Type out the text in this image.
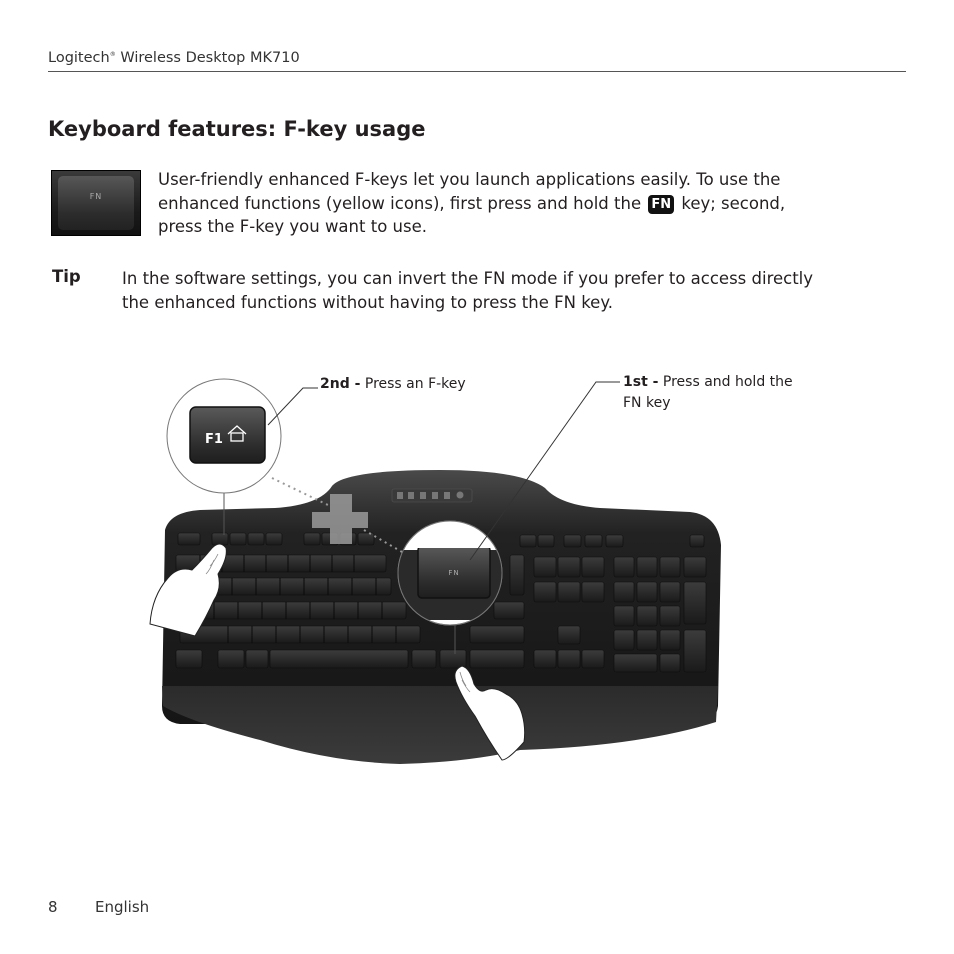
Logitech® Wireless Desktop MK710
Keyboard features: F-key usage
FN
User-friendly enhanced F-keys let you launch applications easily. To use the enhanced functions (yellow icons), first press and hold the FN key; second, press the F-key you want to use.
Tip	In the software settings, you can invert the FN mode if you prefer to access directly the enhanced functions without having to press the FN key.
F1
FN
2nd - Press an F-key	1st - Press and hold the FN key
8 English
